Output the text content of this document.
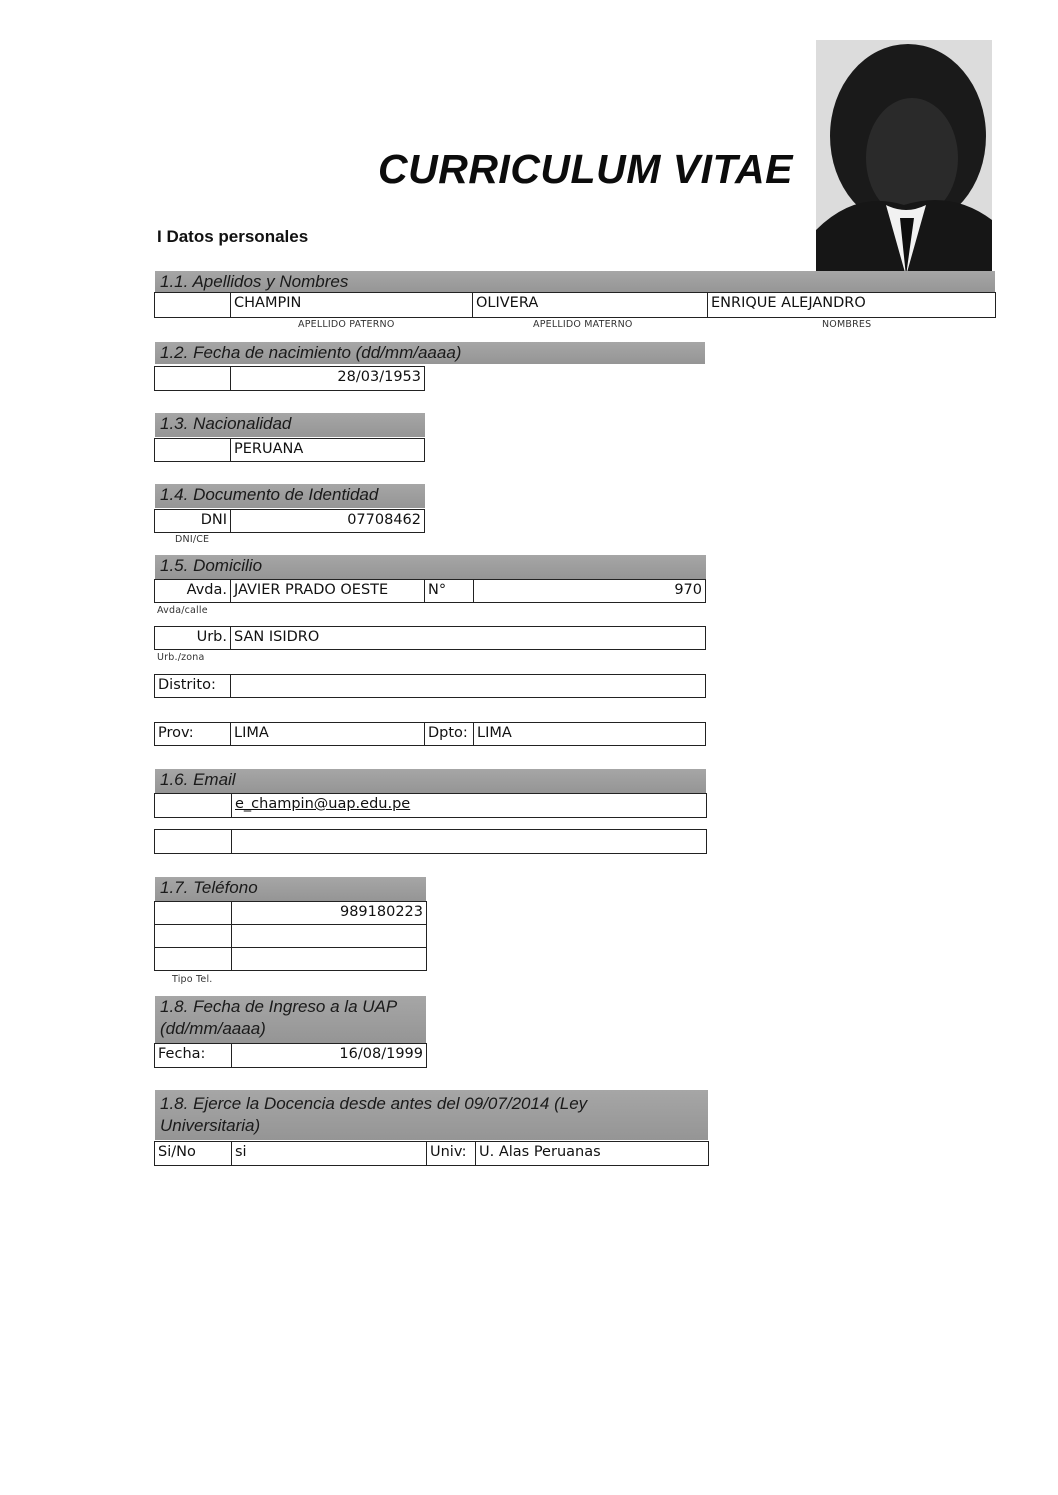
CURRICULUM VITAE
I Datos personales
1.1. Apellidos y Nombres
CHAMPIN	OLIVERA	ENRIQUE ALEJANDRO
APELLIDO PATERNO	APELLIDO MATERNO	NOMBRES
1.2. Fecha de nacimiento (dd/mm/aaaa)
28/03/1953
1.3. Nacionalidad
PERUANA
1.4. Documento de Identidad
DNI	07708462
DNI/CE
1.5. Domicilio
Avda. JAVIER PRADO OESTE	N°	970
Avda/calle
Urb. SAN ISIDRO
Urb./zona
Distrito:
Prov:	LIMA	Dpto: LIMA
1.6. Email
e_champin@uap.edu.pe
1.7. Teléfono
989180223
Tipo Tel.
1.8. Fecha de Ingreso a la UAP
(dd/mm/aaaa)
Fecha:	16/08/1999
1.8. Ejerce la Docencia desde antes del 09/07/2014 (Ley
Universitaria)
Si/No	si	Univ: U. Alas Peruanas
